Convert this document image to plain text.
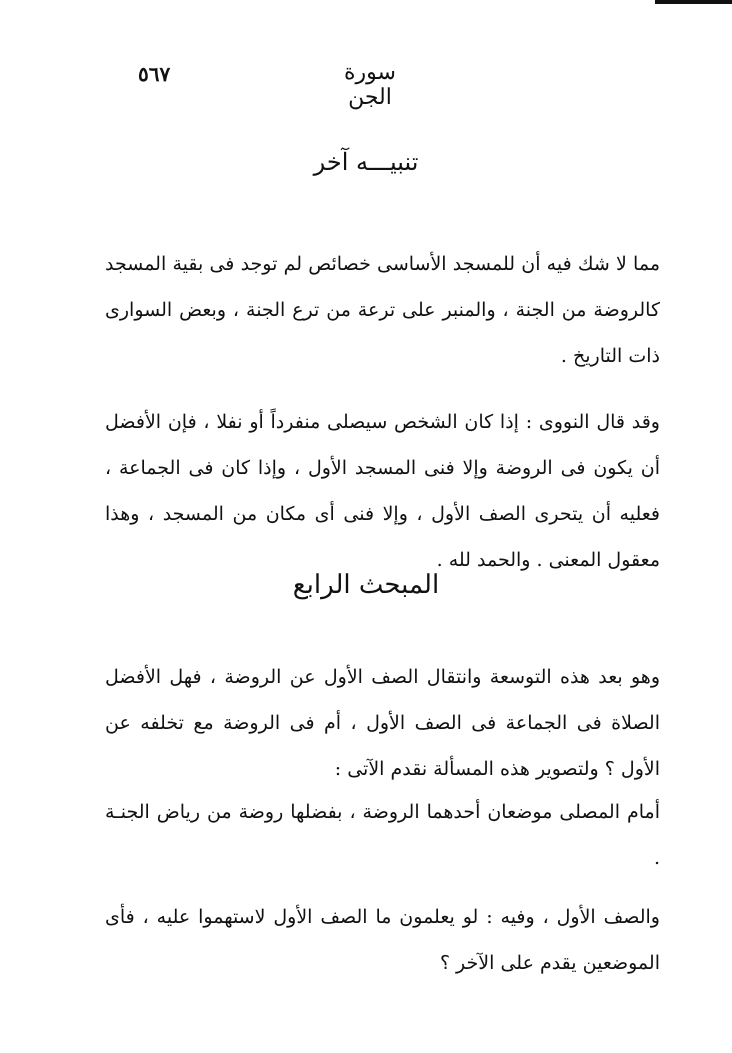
٥٦٧	سورة الجن
تنبيـــه آخر

مما لا شك فيه أن للمسجد الأساسى خصائص لم توجد فى بقية المسجد كالروضة من الجنة ، والمنبر على ترعة من ترع الجنة ، وبعض السوارى ذات التاريخ .

وقد قال النووى : إذا كان الشخص سيصلى منفرداً أو نفلا ، فإن الأفضل أن يكون فى الروضة وإلا فنى المسجد الأول ، وإذا كان فى الجماعة ، فعليه أن يتحرى الصف الأول ، وإلا فنى أى مكان من المسجد ، وهذا معقول المعنى . والحمد لله .

المبحث الرابع

وهو بعد هذه التوسعة وانتقال الصف الأول عن الروضة ، فهل الأفضل الصلاة فى الجماعة فى الصف الأول ، أم فى الروضة مع تخلفه عن الأول ؟ ولتصوير هذه المسألة نقدم الآتى :

أمام المصلى موضعان أحدهما الروضة ، بفضلها روضة من رياض الجنـة .

والصف الأول ، وفيه : لو يعلمون ما الصف الأول لاستهموا عليه ، فأى الموضعين يقدم على الآخر ؟
